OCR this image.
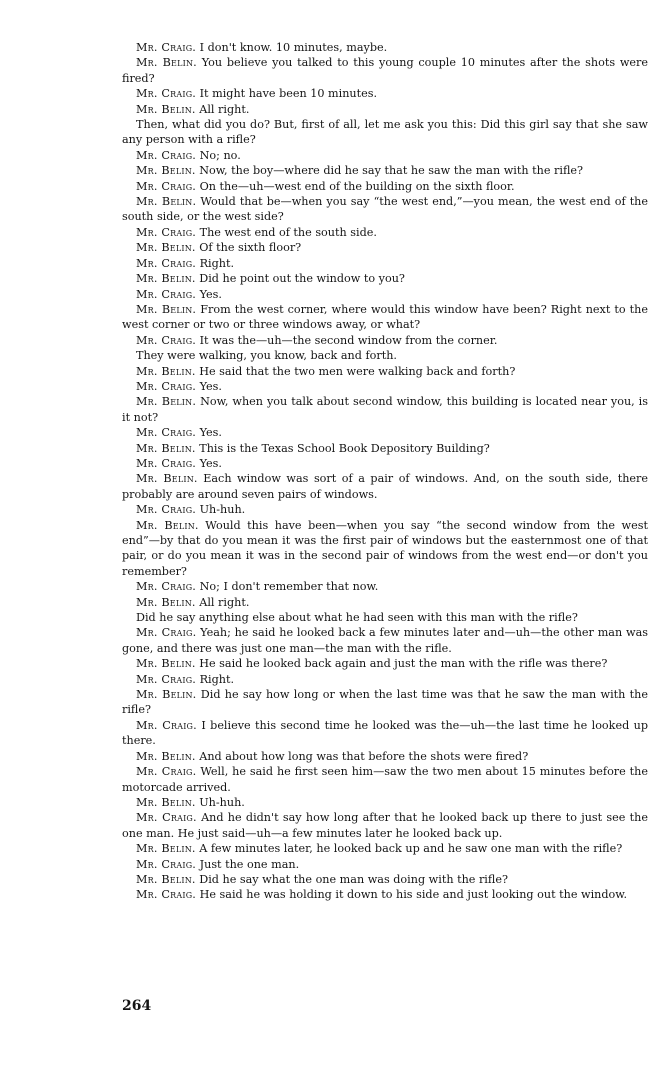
Mr. Craig. I don't know. 10 minutes, maybe.

Mr. Belin. You believe you talked to this young couple 10 minutes after the shots were fired?

Mr. Craig. It might have been 10 minutes.

Mr. Belin. All right.

Then, what did you do? But, first of all, let me ask you this: Did this girl say that she saw any person with a rifle?

Mr. Craig. No; no.

Mr. Belin. Now, the boy—where did he say that he saw the man with the rifle?

Mr. Craig. On the—uh—west end of the building on the sixth floor.

Mr. Belin. Would that be—when you say “the west end,”—you mean, the west end of the south side, or the west side?

Mr. Craig. The west end of the south side.

Mr. Belin. Of the sixth floor?

Mr. Craig. Right.

Mr. Belin. Did he point out the window to you?

Mr. Craig. Yes.

Mr. Belin. From the west corner, where would this window have been? Right next to the west corner or two or three windows away, or what?

Mr. Craig. It was the—uh—the second window from the corner.

They were walking, you know, back and forth.

Mr. Belin. He said that the two men were walking back and forth?

Mr. Craig. Yes.

Mr. Belin. Now, when you talk about second window, this building is located near you, is it not?

Mr. Craig. Yes.

Mr. Belin. This is the Texas School Book Depository Building?

Mr. Craig. Yes.

Mr. Belin. Each window was sort of a pair of windows. And, on the south side, there probably are around seven pairs of windows.

Mr. Craig. Uh-huh.

Mr. Belin. Would this have been—when you say “the second window from the west end”—by that do you mean it was the first pair of windows but the easternmost one of that pair, or do you mean it was in the second pair of windows from the west end—or don't you remember?

Mr. Craig. No; I don't remember that now.

Mr. Belin. All right.

Did he say anything else about what he had seen with this man with the rifle?

Mr. Craig. Yeah; he said he looked back a few minutes later and—uh—the other man was gone, and there was just one man—the man with the rifle.

Mr. Belin. He said he looked back again and just the man with the rifle was there?

Mr. Craig. Right.

Mr. Belin. Did he say how long or when the last time was that he saw the man with the rifle?

Mr. Craig. I believe this second time he looked was the—uh—the last time he looked up there.

Mr. Belin. And about how long was that before the shots were fired?

Mr. Craig. Well, he said he first seen him—saw the two men about 15 minutes before the motorcade arrived.

Mr. Belin. Uh-huh.

Mr. Craig. And he didn't say how long after that he looked back up there to just see the one man. He just said—uh—a few minutes later he looked back up.

Mr. Belin. A few minutes later, he looked back up and he saw one man with the rifle?

Mr. Craig. Just the one man.

Mr. Belin. Did he say what the one man was doing with the rifle?

Mr. Craig. He said he was holding it down to his side and just looking out the window.

264
